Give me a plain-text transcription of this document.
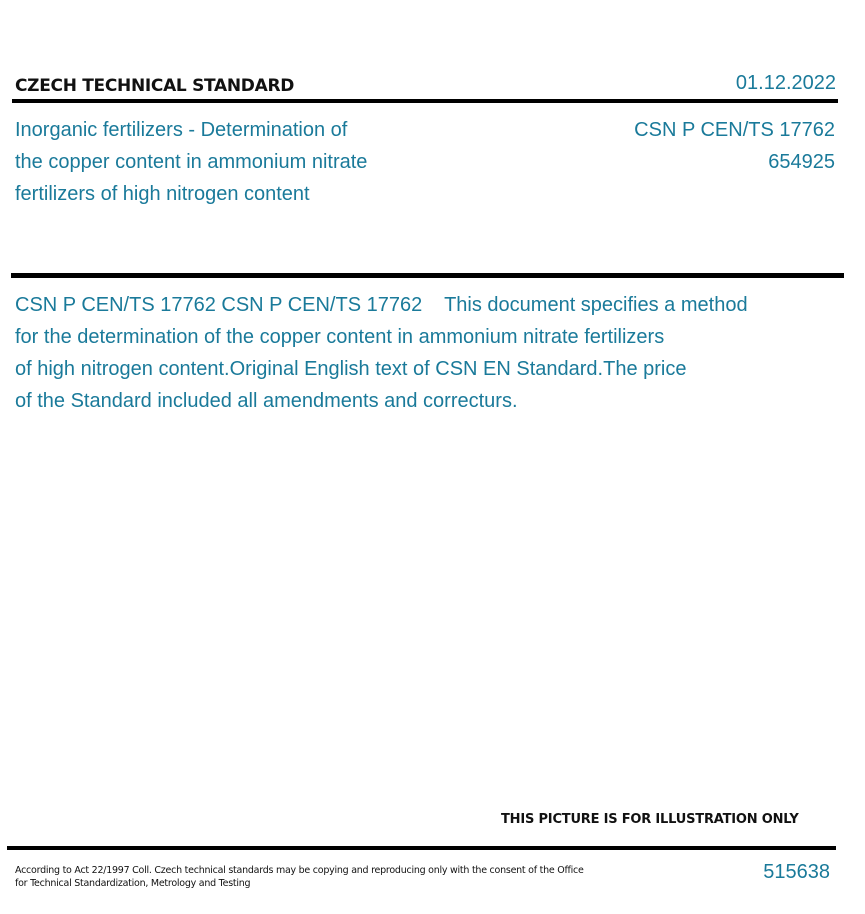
CZECH TECHNICAL STANDARD	01.12.2022
Inorganic fertilizers - Determination of
the copper content in ammonium nitrate
fertilizers of high nitrogen content
CSN P CEN/TS 17762
654925
CSN P CEN/TS 17762 CSN P CEN/TS 17762    This document specifies a method
for the determination of the copper content in ammonium nitrate fertilizers
of high nitrogen content.Original English text of CSN EN Standard.The price
of the Standard included all amendments and correcturs.
THIS PICTURE IS FOR ILLUSTRATION ONLY
According to Act 22/1997 Coll. Czech technical standards may be copying and reproducing only with the consent of the Office
for Technical Standardization, Metrology and Testing
515638
